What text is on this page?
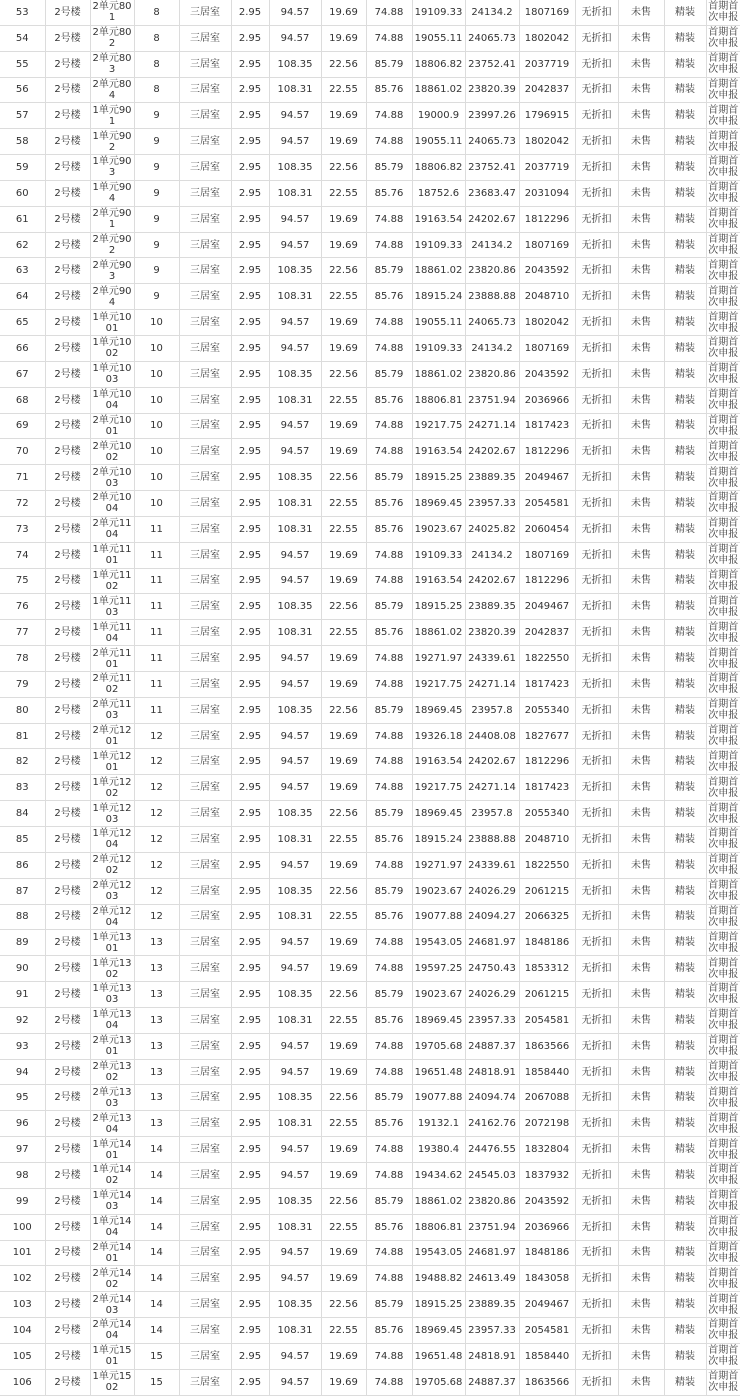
53	2号楼	2单元801	8	三居室	2.95	94.57	19.69	74.88	19109.33	24134.2	1807169	无折扣	未售	精装	首期首次申报
54	2号楼	2单元802	8	三居室	2.95	94.57	19.69	74.88	19055.11	24065.73	1802042	无折扣	未售	精装	首期首次申报
55	2号楼	2单元803	8	三居室	2.95	108.35	22.56	85.79	18806.82	23752.41	2037719	无折扣	未售	精装	首期首次申报
56	2号楼	2单元804	8	三居室	2.95	108.31	22.55	85.76	18861.02	23820.39	2042837	无折扣	未售	精装	首期首次申报
57	2号楼	1单元901	9	三居室	2.95	94.57	19.69	74.88	19000.9	23997.26	1796915	无折扣	未售	精装	首期首次申报
58	2号楼	1单元902	9	三居室	2.95	94.57	19.69	74.88	19055.11	24065.73	1802042	无折扣	未售	精装	首期首次申报
59	2号楼	1单元903	9	三居室	2.95	108.35	22.56	85.79	18806.82	23752.41	2037719	无折扣	未售	精装	首期首次申报
60	2号楼	1单元904	9	三居室	2.95	108.31	22.55	85.76	18752.6	23683.47	2031094	无折扣	未售	精装	首期首次申报
61	2号楼	2单元901	9	三居室	2.95	94.57	19.69	74.88	19163.54	24202.67	1812296	无折扣	未售	精装	首期首次申报
62	2号楼	2单元902	9	三居室	2.95	94.57	19.69	74.88	19109.33	24134.2	1807169	无折扣	未售	精装	首期首次申报
63	2号楼	2单元903	9	三居室	2.95	108.35	22.56	85.79	18861.02	23820.86	2043592	无折扣	未售	精装	首期首次申报
64	2号楼	2单元904	9	三居室	2.95	108.31	22.55	85.76	18915.24	23888.88	2048710	无折扣	未售	精装	首期首次申报
65	2号楼	1单元1001	10	三居室	2.95	94.57	19.69	74.88	19055.11	24065.73	1802042	无折扣	未售	精装	首期首次申报
66	2号楼	1单元1002	10	三居室	2.95	94.57	19.69	74.88	19109.33	24134.2	1807169	无折扣	未售	精装	首期首次申报
67	2号楼	1单元1003	10	三居室	2.95	108.35	22.56	85.79	18861.02	23820.86	2043592	无折扣	未售	精装	首期首次申报
68	2号楼	1单元1004	10	三居室	2.95	108.31	22.55	85.76	18806.81	23751.94	2036966	无折扣	未售	精装	首期首次申报
69	2号楼	2单元1001	10	三居室	2.95	94.57	19.69	74.88	19217.75	24271.14	1817423	无折扣	未售	精装	首期首次申报
70	2号楼	2单元1002	10	三居室	2.95	94.57	19.69	74.88	19163.54	24202.67	1812296	无折扣	未售	精装	首期首次申报
71	2号楼	2单元1003	10	三居室	2.95	108.35	22.56	85.79	18915.25	23889.35	2049467	无折扣	未售	精装	首期首次申报
72	2号楼	2单元1004	10	三居室	2.95	108.31	22.55	85.76	18969.45	23957.33	2054581	无折扣	未售	精装	首期首次申报
73	2号楼	2单元1104	11	三居室	2.95	108.31	22.55	85.76	19023.67	24025.82	2060454	无折扣	未售	精装	首期首次申报
74	2号楼	1单元1101	11	三居室	2.95	94.57	19.69	74.88	19109.33	24134.2	1807169	无折扣	未售	精装	首期首次申报
75	2号楼	1单元1102	11	三居室	2.95	94.57	19.69	74.88	19163.54	24202.67	1812296	无折扣	未售	精装	首期首次申报
76	2号楼	1单元1103	11	三居室	2.95	108.35	22.56	85.79	18915.25	23889.35	2049467	无折扣	未售	精装	首期首次申报
77	2号楼	1单元1104	11	三居室	2.95	108.31	22.55	85.76	18861.02	23820.39	2042837	无折扣	未售	精装	首期首次申报
78	2号楼	2单元1101	11	三居室	2.95	94.57	19.69	74.88	19271.97	24339.61	1822550	无折扣	未售	精装	首期首次申报
79	2号楼	2单元1102	11	三居室	2.95	94.57	19.69	74.88	19217.75	24271.14	1817423	无折扣	未售	精装	首期首次申报
80	2号楼	2单元1103	11	三居室	2.95	108.35	22.56	85.79	18969.45	23957.8	2055340	无折扣	未售	精装	首期首次申报
81	2号楼	2单元1201	12	三居室	2.95	94.57	19.69	74.88	19326.18	24408.08	1827677	无折扣	未售	精装	首期首次申报
82	2号楼	1单元1201	12	三居室	2.95	94.57	19.69	74.88	19163.54	24202.67	1812296	无折扣	未售	精装	首期首次申报
83	2号楼	1单元1202	12	三居室	2.95	94.57	19.69	74.88	19217.75	24271.14	1817423	无折扣	未售	精装	首期首次申报
84	2号楼	1单元1203	12	三居室	2.95	108.35	22.56	85.79	18969.45	23957.8	2055340	无折扣	未售	精装	首期首次申报
85	2号楼	1单元1204	12	三居室	2.95	108.31	22.55	85.76	18915.24	23888.88	2048710	无折扣	未售	精装	首期首次申报
86	2号楼	2单元1202	12	三居室	2.95	94.57	19.69	74.88	19271.97	24339.61	1822550	无折扣	未售	精装	首期首次申报
87	2号楼	2单元1203	12	三居室	2.95	108.35	22.56	85.79	19023.67	24026.29	2061215	无折扣	未售	精装	首期首次申报
88	2号楼	2单元1204	12	三居室	2.95	108.31	22.55	85.76	19077.88	24094.27	2066325	无折扣	未售	精装	首期首次申报
89	2号楼	1单元1301	13	三居室	2.95	94.57	19.69	74.88	19543.05	24681.97	1848186	无折扣	未售	精装	首期首次申报
90	2号楼	1单元1302	13	三居室	2.95	94.57	19.69	74.88	19597.25	24750.43	1853312	无折扣	未售	精装	首期首次申报
91	2号楼	1单元1303	13	三居室	2.95	108.35	22.56	85.79	19023.67	24026.29	2061215	无折扣	未售	精装	首期首次申报
92	2号楼	1单元1304	13	三居室	2.95	108.31	22.55	85.76	18969.45	23957.33	2054581	无折扣	未售	精装	首期首次申报
93	2号楼	2单元1301	13	三居室	2.95	94.57	19.69	74.88	19705.68	24887.37	1863566	无折扣	未售	精装	首期首次申报
94	2号楼	2单元1302	13	三居室	2.95	94.57	19.69	74.88	19651.48	24818.91	1858440	无折扣	未售	精装	首期首次申报
95	2号楼	2单元1303	13	三居室	2.95	108.35	22.56	85.79	19077.88	24094.74	2067088	无折扣	未售	精装	首期首次申报
96	2号楼	2单元1304	13	三居室	2.95	108.31	22.55	85.76	19132.1	24162.76	2072198	无折扣	未售	精装	首期首次申报
97	2号楼	1单元1401	14	三居室	2.95	94.57	19.69	74.88	19380.4	24476.55	1832804	无折扣	未售	精装	首期首次申报
98	2号楼	1单元1402	14	三居室	2.95	94.57	19.69	74.88	19434.62	24545.03	1837932	无折扣	未售	精装	首期首次申报
99	2号楼	1单元1403	14	三居室	2.95	108.35	22.56	85.79	18861.02	23820.86	2043592	无折扣	未售	精装	首期首次申报
100	2号楼	1单元1404	14	三居室	2.95	108.31	22.55	85.76	18806.81	23751.94	2036966	无折扣	未售	精装	首期首次申报
101	2号楼	2单元1401	14	三居室	2.95	94.57	19.69	74.88	19543.05	24681.97	1848186	无折扣	未售	精装	首期首次申报
102	2号楼	2单元1402	14	三居室	2.95	94.57	19.69	74.88	19488.82	24613.49	1843058	无折扣	未售	精装	首期首次申报
103	2号楼	2单元1403	14	三居室	2.95	108.35	22.56	85.79	18915.25	23889.35	2049467	无折扣	未售	精装	首期首次申报
104	2号楼	2单元1404	14	三居室	2.95	108.31	22.55	85.76	18969.45	23957.33	2054581	无折扣	未售	精装	首期首次申报
105	2号楼	1单元1501	15	三居室	2.95	94.57	19.69	74.88	19651.48	24818.91	1858440	无折扣	未售	精装	首期首次申报
106	2号楼	1单元1502	15	三居室	2.95	94.57	19.69	74.88	19705.68	24887.37	1863566	无折扣	未售	精装	首期首次申报
